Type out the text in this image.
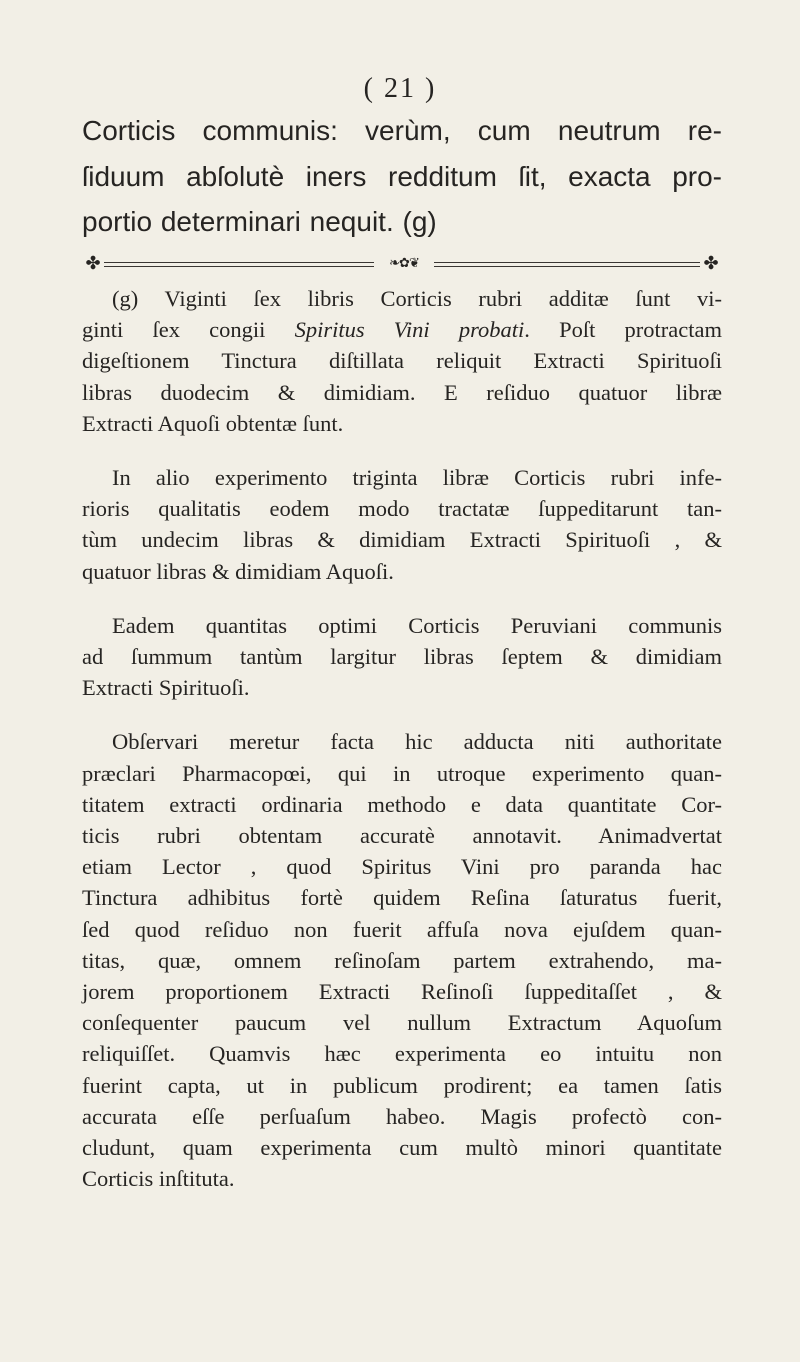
( 21 )
Corticis communis: verùm, cum neutrum re-
ſiduum abſolutè iners redditum ſit, exacta pro-
portio determinari nequit. (g)
✤	❧✿❦	✤
(g) Viginti ſex libris Corticis rubri additæ ſunt vi-
ginti ſex congii Spiritus Vini probati. Poſt protractam
digeſtionem Tinctura diſtillata reliquit Extracti Spirituoſi
libras duodecim & dimidiam. E reſiduo quatuor libræ
Extracti Aquoſi obtentæ ſunt.
In alio experimento triginta libræ Corticis rubri infe-
rioris qualitatis eodem modo tractatæ ſuppeditarunt tan-
tùm undecim libras & dimidiam Extracti Spirituoſi , &
quatuor libras & dimidiam Aquoſi.
Eadem quantitas optimi Corticis Peruviani communis
ad ſummum tantùm largitur libras ſeptem & dimidiam
Extracti Spirituoſi.
Obſervari meretur facta hic adducta niti authoritate
præclari Pharmacopœi, qui in utroque experimento quan-
titatem extracti ordinaria methodo e data quantitate Cor-
ticis rubri obtentam accuratè annotavit. Animadvertat
etiam Lector , quod Spiritus Vini pro paranda hac
Tinctura adhibitus fortè quidem Reſina ſaturatus fuerit,
ſed quod reſiduo non fuerit affuſa nova ejuſdem quan-
titas, quæ, omnem reſinoſam partem extrahendo, ma-
jorem proportionem Extracti Reſinoſi ſuppeditaſſet , &
conſequenter paucum vel nullum Extractum Aquoſum
reliquiſſet. Quamvis hæc experimenta eo intuitu non
fuerint capta, ut in publicum prodirent; ea tamen ſatis
accurata eſſe perſuaſum habeo. Magis profectò con-
cludunt, quam experimenta cum multò minori quantitate
Corticis inſtituta.
